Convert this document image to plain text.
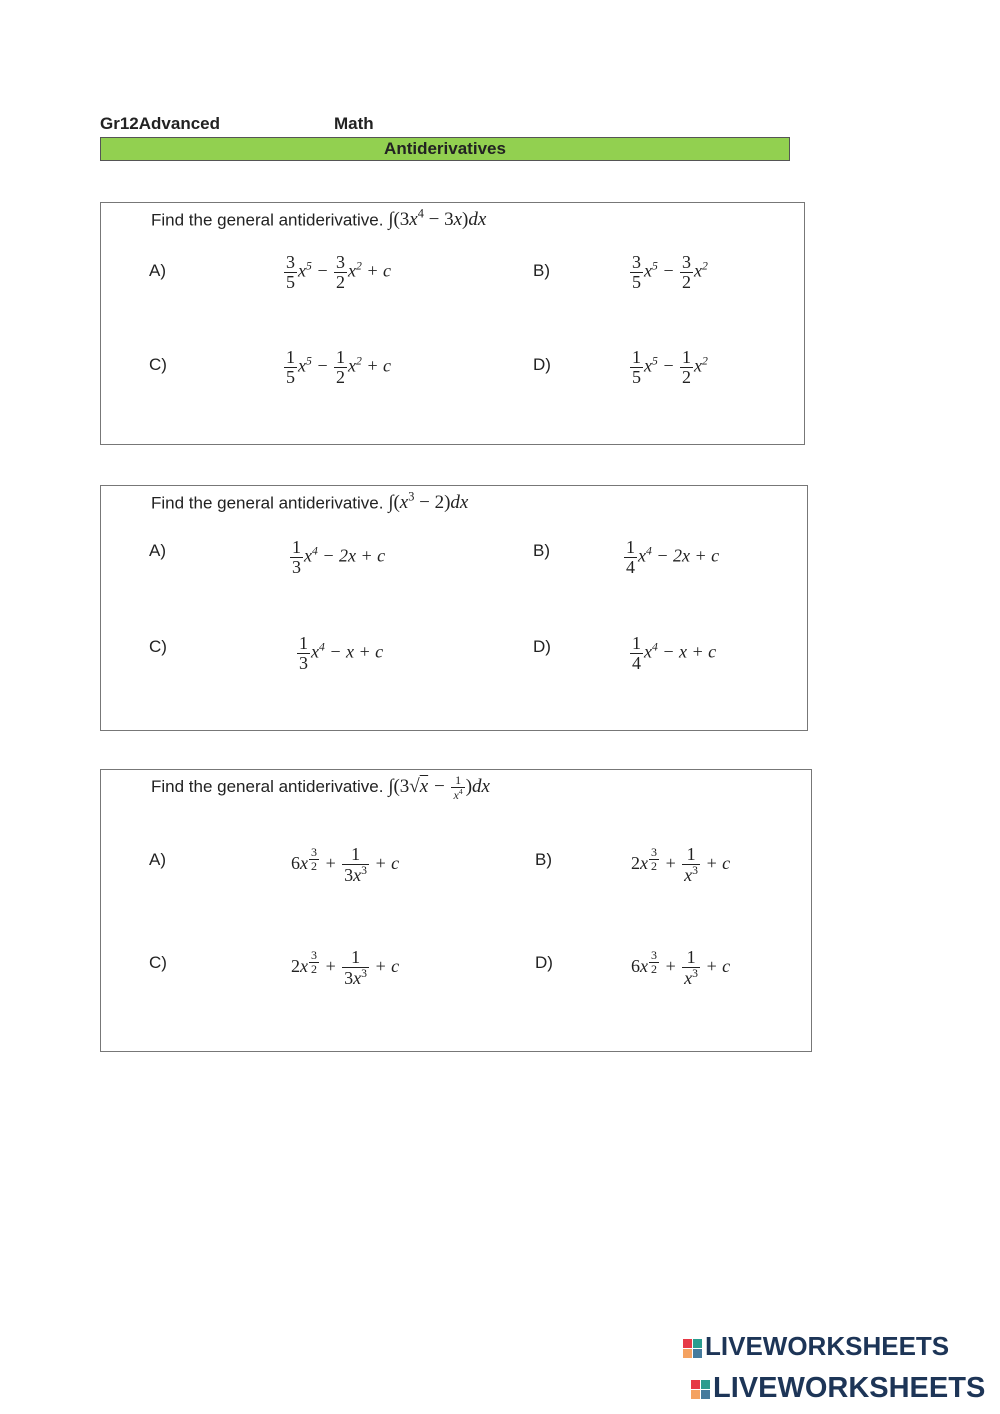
Gr12Advanced	Math
Antiderivatives
Find the general antiderivative. $\int(3x^4 - 3x)dx$
A)	$\frac{3}{5} x^5 - \frac{3}{2} x^2 + c$	B)	$\frac{3}{5} x^5 - \frac{3}{2} x^2$
C)	$\frac{1}{5} x^5 - \frac{1}{2} x^2 + c$	D)	$\frac{1}{5} x^5 - \frac{1}{2} x^2$
Find the general antiderivative. $\int(x^3 - 2)dx$
A)	$\frac{1}{3} x^4 - 2x + c$	B)	$\frac{1}{4} x^4 - 2x + c$
C)	$\frac{1}{3} x^4 - x + c$	D)	$\frac{1}{4} x^4 - x + c$
Find the general antiderivative. $\int(3√x - \frac{1}{x^4} )dx$
A)	6x $^{\frac{3}{2}} + \frac{1}{3x^3} + c$	B)	2x $^{\frac{3}{2}} + \frac{1}{x^3} + c$
C)	2x $^{\frac{3}{2}} + \frac{1}{3x^3} + c$	D)	6x $^{\frac{3}{2}} + \frac{1}{x^3} + c$
LIVEWORKSHEETS
LIVEWORKSHEETS
